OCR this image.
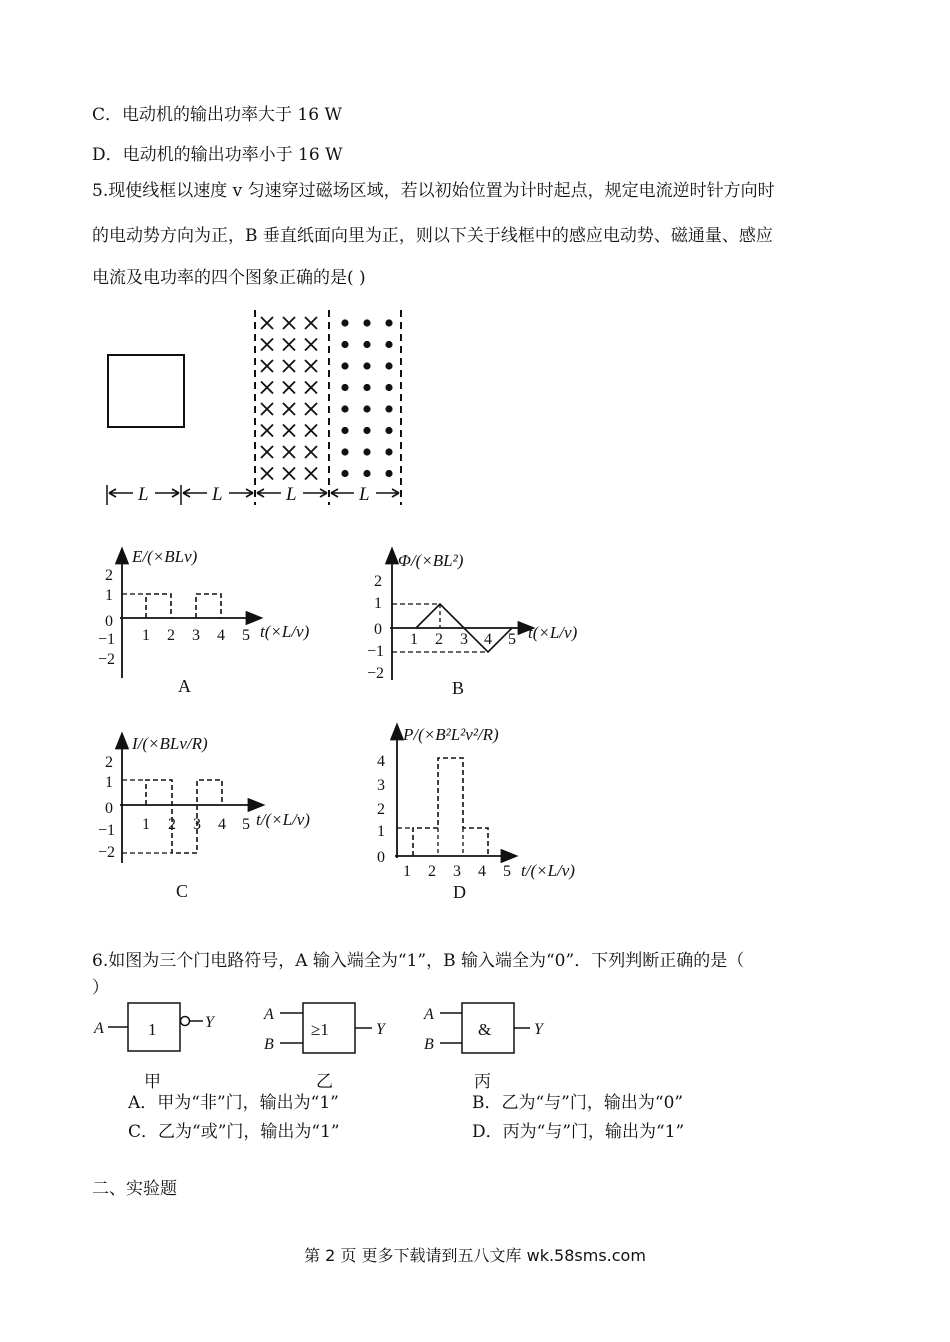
C．电动机的输出功率大于 16 W
D．电动机的输出功率小于 16 W
5.现使线框以速度 v 匀速穿过磁场区域，若以初始位置为计时起点，规定电流逆时针方向时
的电动势方向为正，B 垂直纸面向里为正，则以下关于线框中的感应电动势、磁通量、感应
电流及电功率的四个图象正确的是( )
L	L	L	L
E/(×BLv)
t(×L/v)
2
1
0
−1
−2
1 2 3 4 5
A
Φ/(×BL²)
t(×L/v)
2
1
0
−1
−2
1 2 3 4 5
B
I/(×BLv/R)
t/(×L/v)
2
1
0
−1
−2
1 2 3 4 5
C
P/(×B²L²v²/R)
t/(×L/v)
4
3
2
1
0
1 2 3 4 5
D
6.如图为三个门电路符号，A 输入端全为“1”，B 输入端全为“0”．下列判断正确的是（
）
A	1	Y
甲
A
B
≥1	Y
乙
A
B
&	Y
丙
A．甲为“非”门，输出为“1”	B．乙为“与”门，输出为“0”
C．乙为“或”门，输出为“1”	D．丙为“与”门，输出为“1”
二、实验题
第 2 页 更多下载请到五八文库 wk.58sms.com
